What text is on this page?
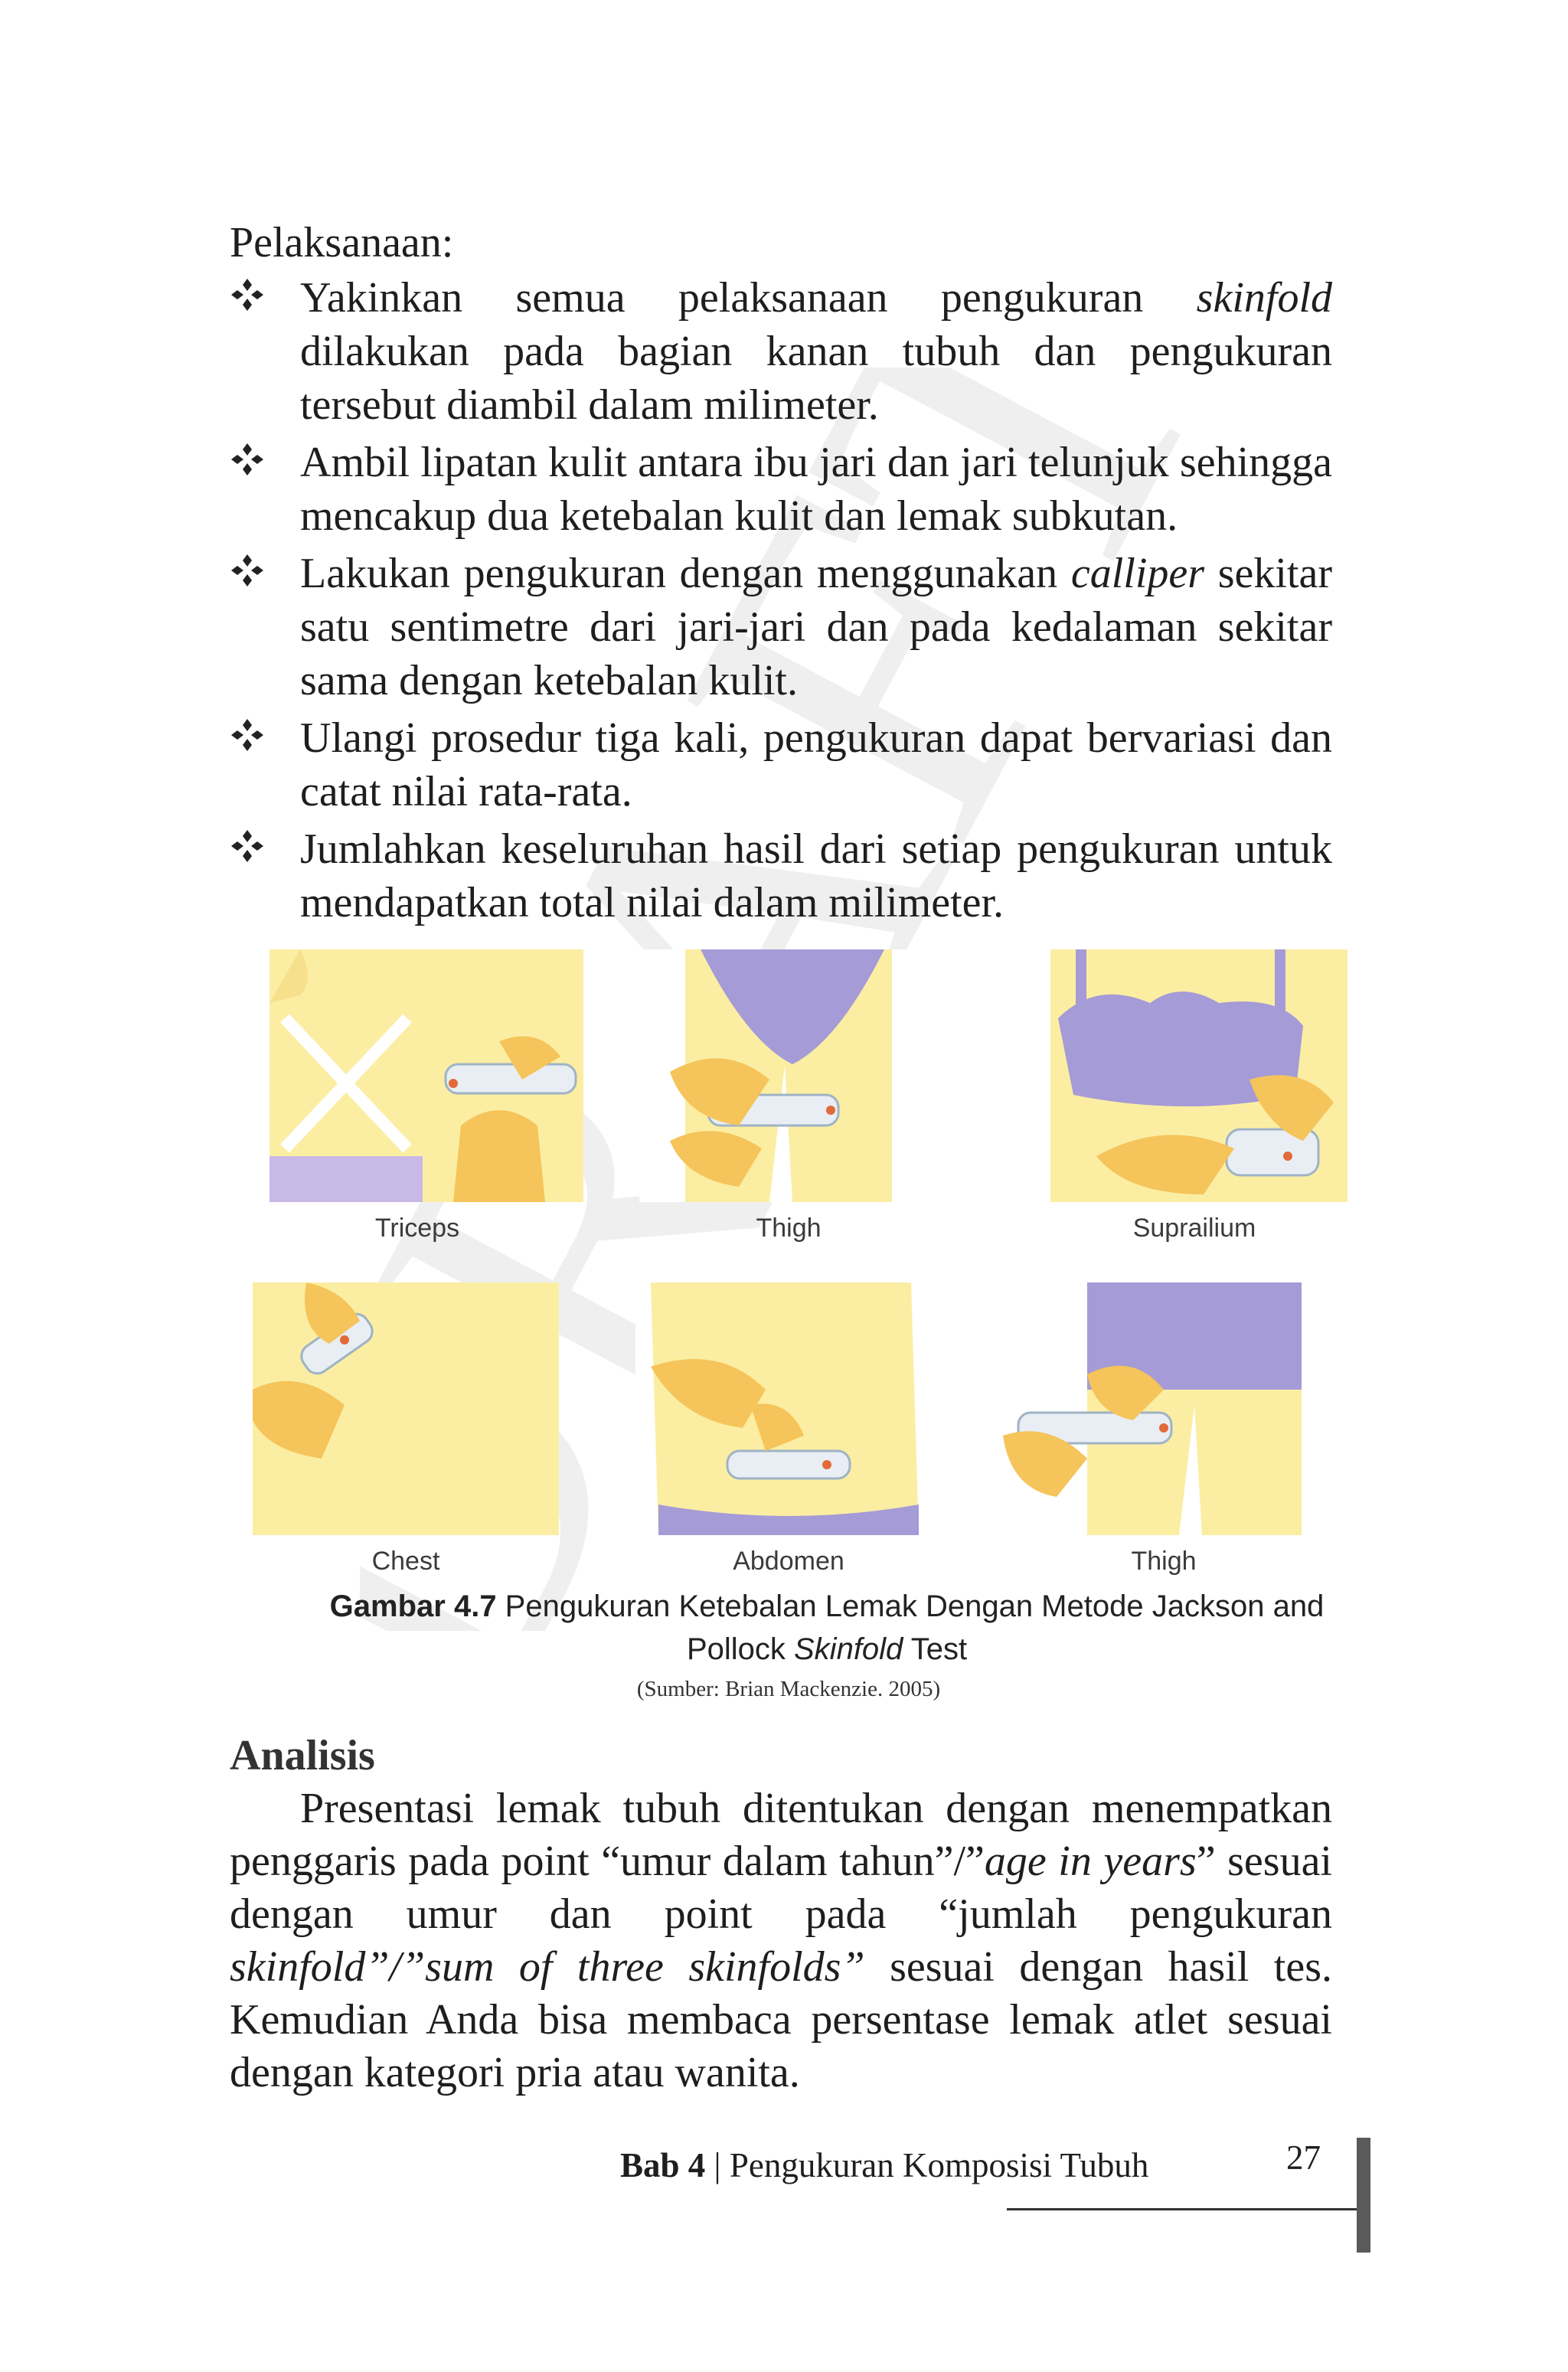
Pelaksanaan:
Yakinkan semua pelaksanaan pengukuran skinfold dilakukan pada bagian kanan tubuh dan pengukuran tersebut diambil dalam milimeter.
Ambil lipatan kulit antara ibu jari dan jari telunjuk sehingga mencakup dua ketebalan kulit dan lemak subkutan.
Lakukan pengukuran dengan menggunakan calliper sekitar satu sentimetre dari jari-jari dan pada kedalaman sekitar sama dengan ketebalan kulit.
Ulangi prosedur tiga kali, pengukuran dapat bervariasi dan catat nilai rata-rata.
Jumlahkan keseluruhan hasil dari setiap pengukuran untuk mendapatkan total nilai dalam milimeter.
Triceps	Thigh	Suprailium
Chest	Abdomen	Thigh
Gambar 4.7 Pengukuran Ketebalan Lemak Dengan Metode Jackson and Pollock Skinfold Test
(Sumber: Brian Mackenzie. 2005)
Analisis

Presentasi lemak tubuh ditentukan dengan menempatkan penggaris pada point “umur dalam tahun”/”age in years” sesuai dengan umur dan point pada “jumlah pengukuran skinfold”/”sum of three skinfolds” sesuai dengan hasil tes. Kemudian Anda bisa membaca persentase lemak atlet sesuai dengan kategori pria atau wanita.

Bab 4 | Pengukuran Komposisi Tubuh	27
